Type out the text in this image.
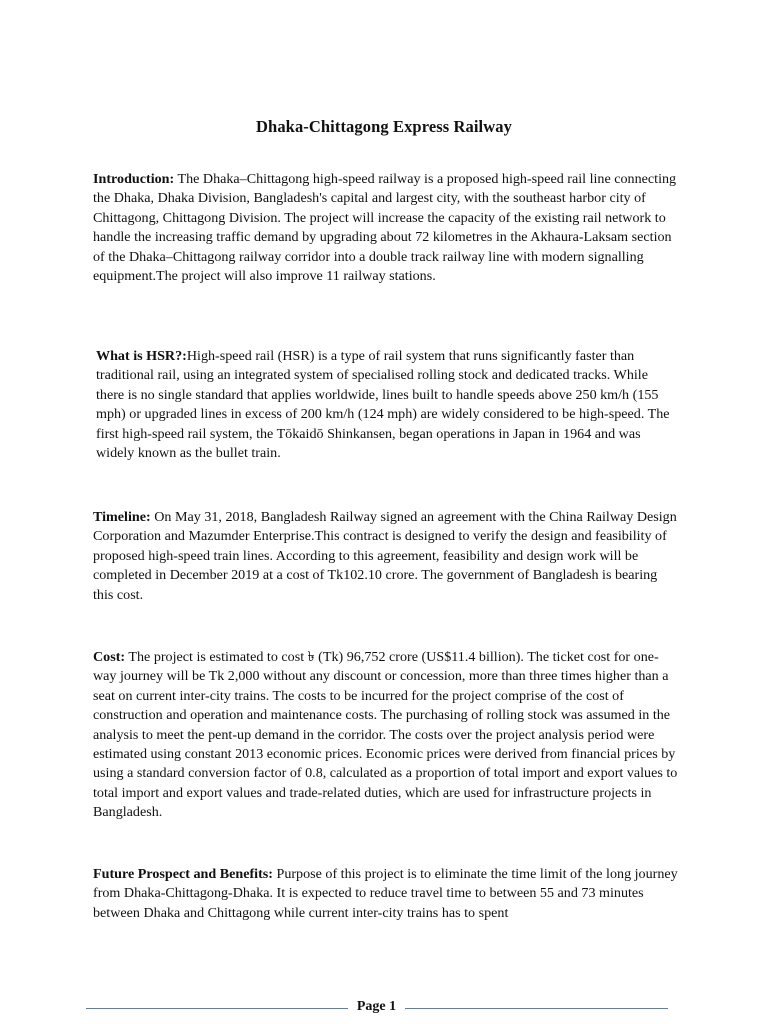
Dhaka-Chittagong Express Railway

Introduction: The Dhaka–Chittagong high-speed railway is a proposed high-speed rail line connecting the Dhaka, Dhaka Division, Bangladesh's capital and largest city, with the southeast harbor city of Chittagong, Chittagong Division. The project will increase the capacity of the existing rail network to handle the increasing traffic demand by upgrading about 72 kilometres in the Akhaura-Laksam section of the Dhaka–Chittagong railway corridor into a double track railway line with modern signalling equipment.The project will also improve 11 railway stations.

What is HSR?:High-speed rail (HSR) is a type of rail system that runs significantly faster than traditional rail, using an integrated system of specialised rolling stock and dedicated tracks. While there is no single standard that applies worldwide, lines built to handle speeds above 250 km/h (155 mph) or upgraded lines in excess of 200 km/h (124 mph) are widely considered to be high-speed. The first high-speed rail system, the Tōkaidō Shinkansen, began operations in Japan in 1964 and was widely known as the bullet train.

Timeline: On May 31, 2018, Bangladesh Railway signed an agreement with the China Railway Design Corporation and Mazumder Enterprise.This contract is designed to verify the design and feasibility of proposed high-speed train lines. According to this agreement, feasibility and design work will be completed in December 2019 at a cost of Tk102.10 crore. The government of Bangladesh is bearing this cost.

Cost: The project is estimated to cost ৳ (Tk) 96,752 crore (US$11.4 billion). The ticket cost for one-way journey will be Tk 2,000 without any discount or concession, more than three times higher than a seat on current inter-city trains. The costs to be incurred for the project comprise of the cost of construction and operation and maintenance costs. The purchasing of rolling stock was assumed in the analysis to meet the pent-up demand in the corridor. The costs over the project analysis period were estimated using constant 2013 economic prices. Economic prices were derived from financial prices by using a standard conversion factor of 0.8, calculated as a proportion of total import and export values to total import and export values and trade-related duties, which are used for infrastructure projects in Bangladesh.

Future Prospect and Benefits: Purpose of this project is to eliminate the time limit of the long journey from Dhaka-Chittagong-Dhaka. It is expected to reduce travel time to between 55 and 73 minutes between Dhaka and Chittagong while current inter-city trains has to spent

Page 1
